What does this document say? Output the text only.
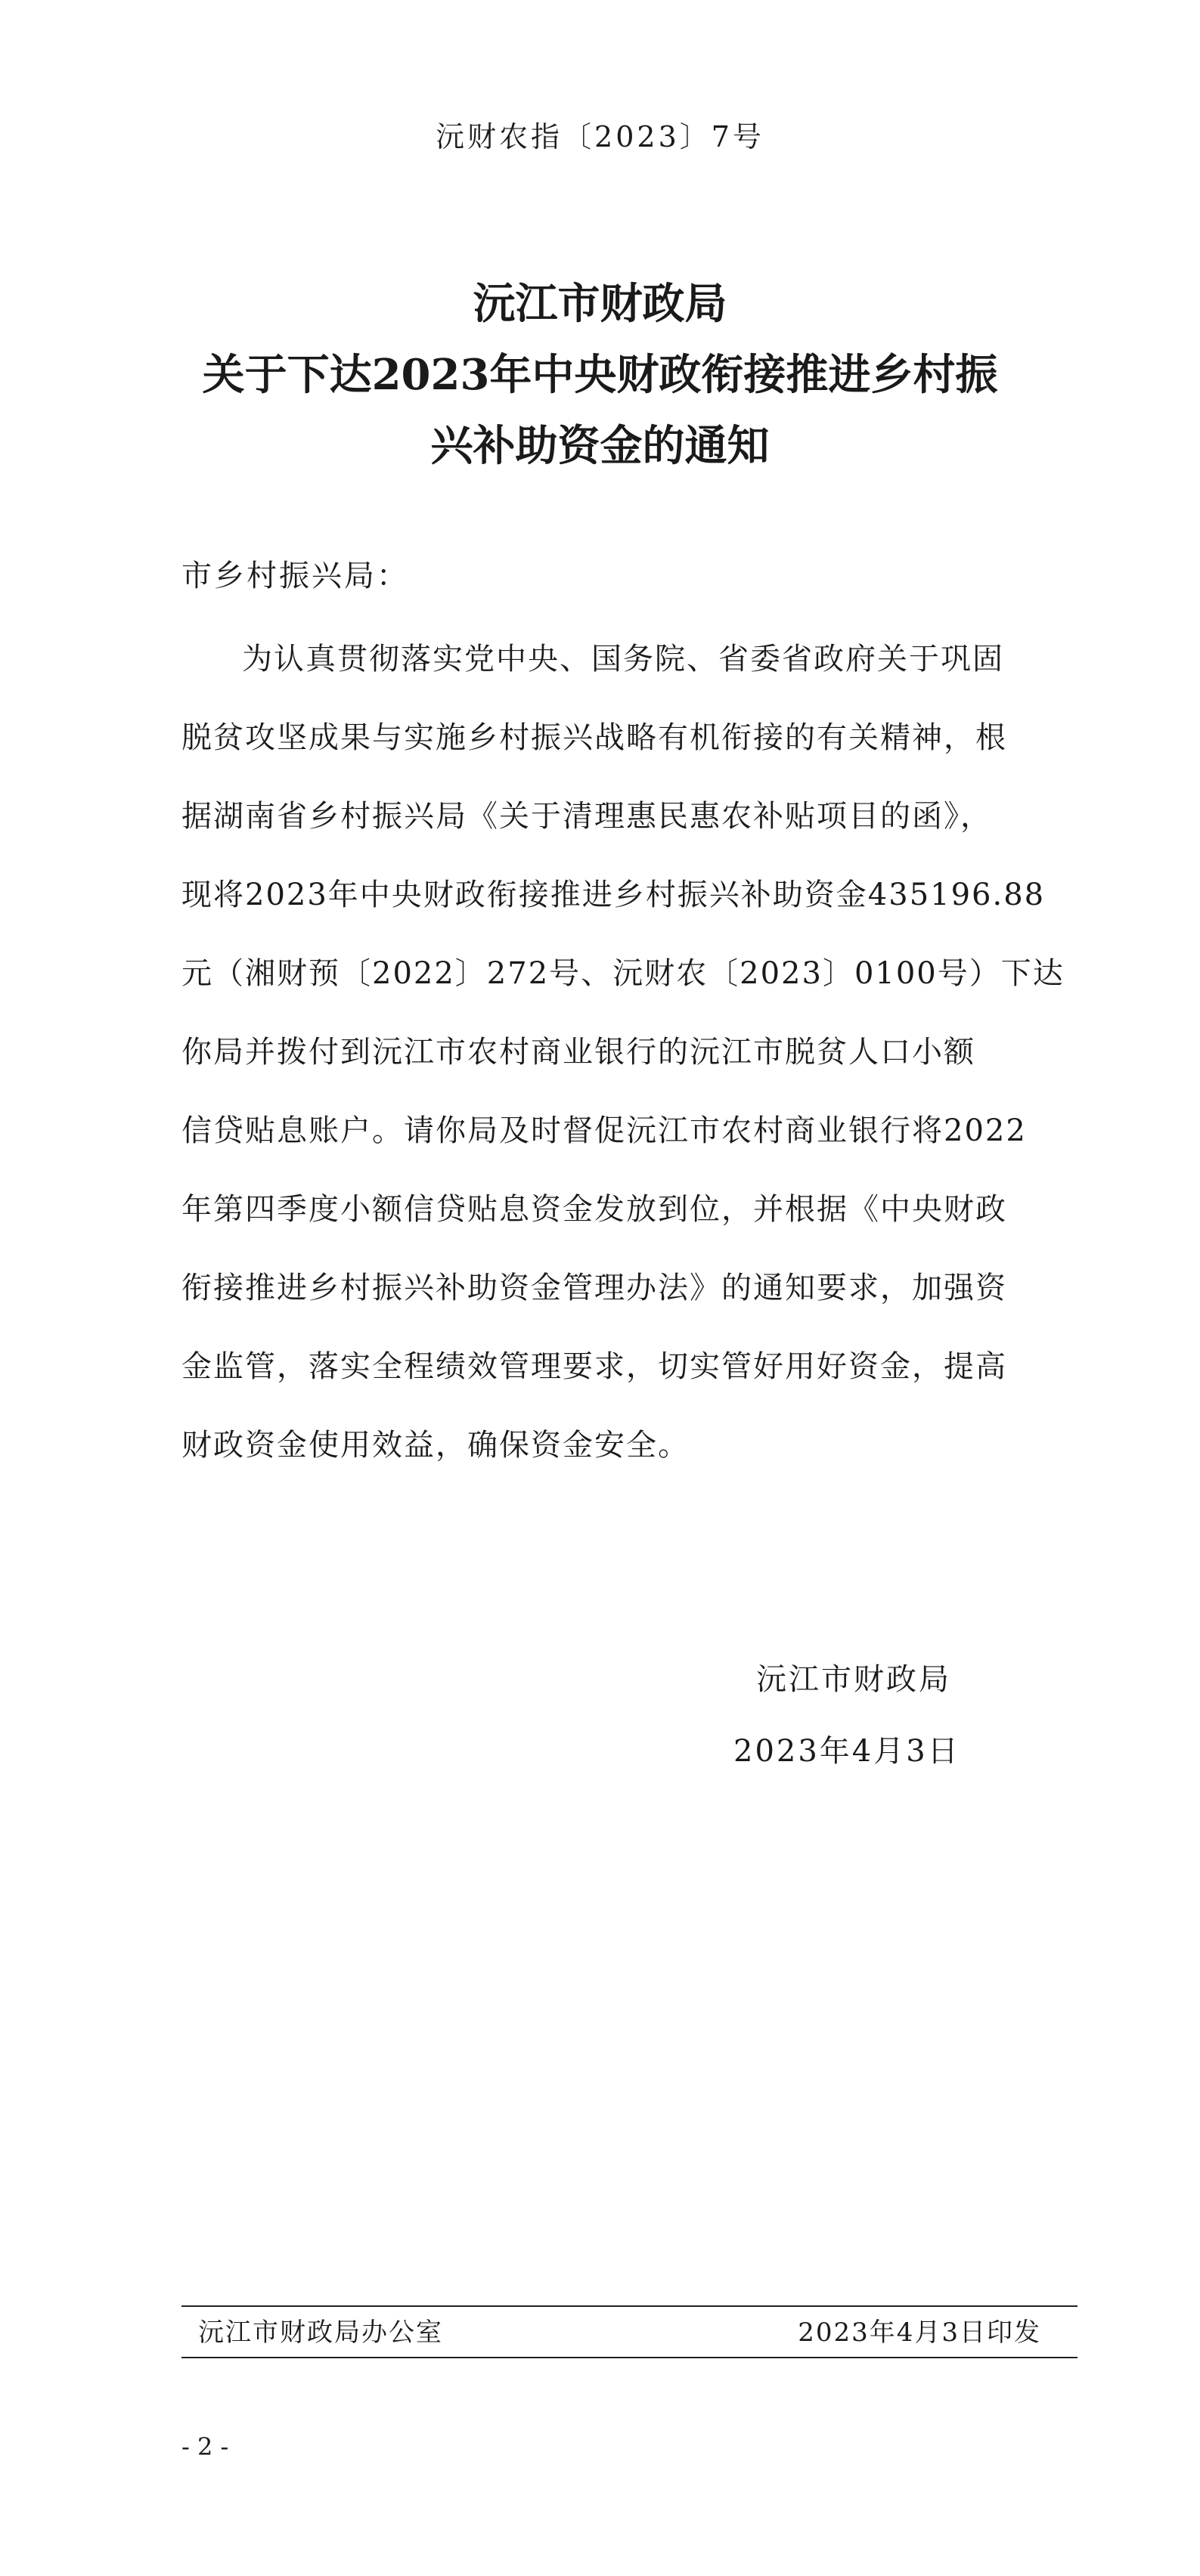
沅财农指〔2023〕7号
沅江市财政局
关于下达2023年中央财政衔接推进乡村振
兴补助资金的通知
市乡村振兴局：
为认真贯彻落实党中央、国务院、省委省政府关于巩固
脱贫攻坚成果与实施乡村振兴战略有机衔接的有关精神，根
据湖南省乡村振兴局《关于清理惠民惠农补贴项目的函》，
现将2023年中央财政衔接推进乡村振兴补助资金435196.88
元（湘财预〔2022〕272号、沅财农〔2023〕0100号）下达
你局并拨付到沅江市农村商业银行的沅江市脱贫人口小额
信贷贴息账户。请你局及时督促沅江市农村商业银行将2022
年第四季度小额信贷贴息资金发放到位，并根据《中央财政
衔接推进乡村振兴补助资金管理办法》的通知要求，加强资
金监管，落实全程绩效管理要求，切实管好用好资金，提高
财政资金使用效益，确保资金安全。
沅江市财政局
2023年4月3日
沅江市财政局办公室	2023年4月3日印发
- 2 -
